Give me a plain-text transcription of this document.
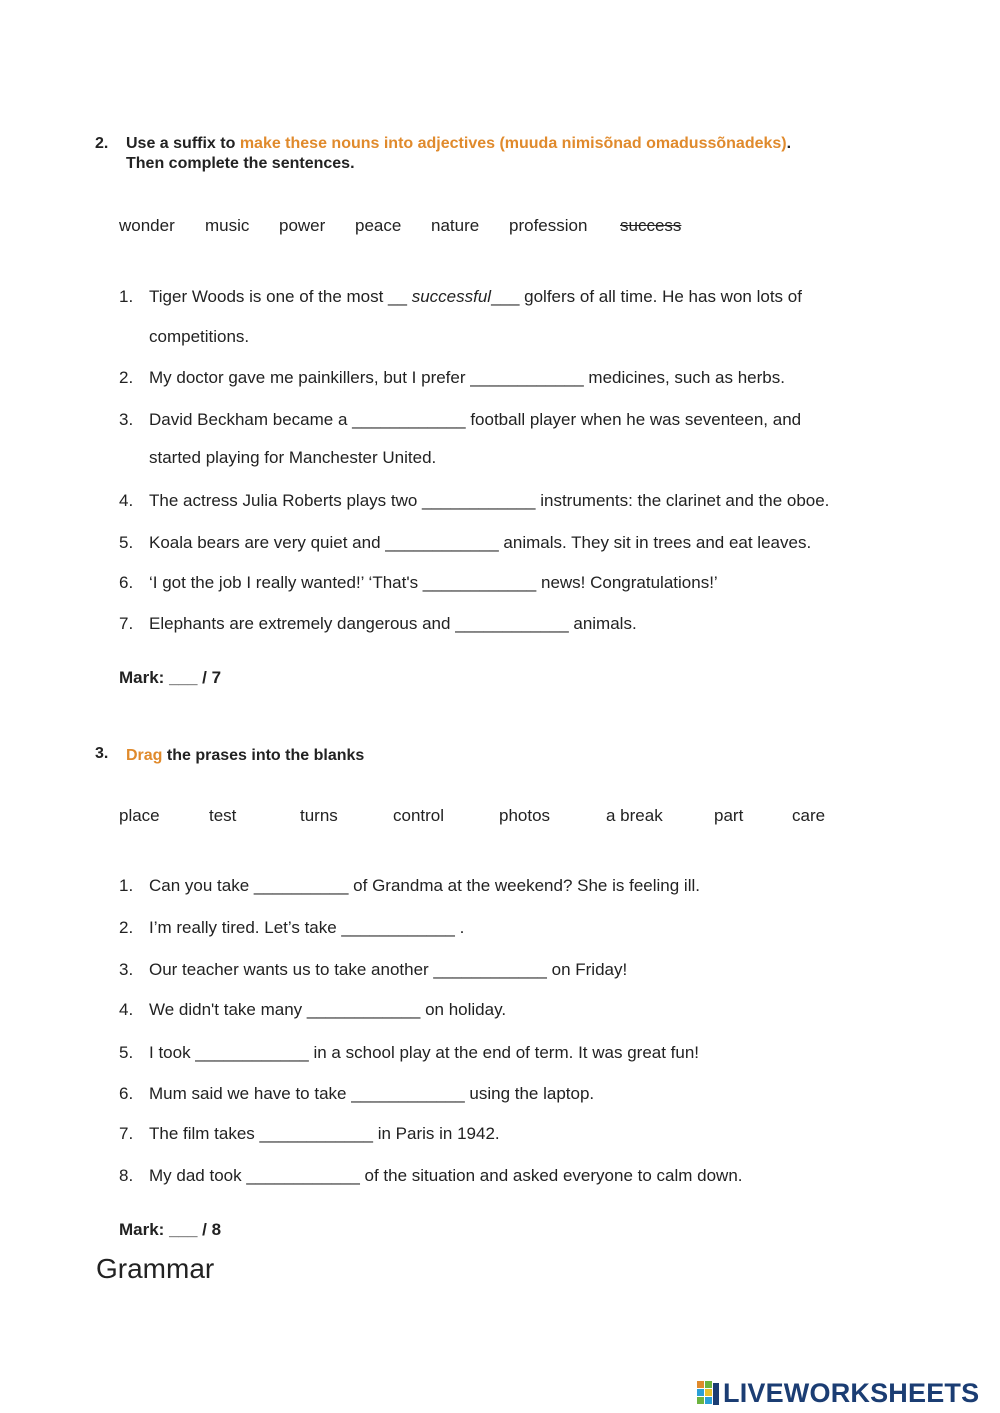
2. Use a suffix to make these nouns into adjectives (muuda nimisõnad omadussõnadeks).
Then complete the sentences.
wonder music power peace nature profession	success
1. Tiger Woods is one of the most __ successful___ golfers of all time. He has won lots of
competitions.
2. My doctor gave me painkillers, but I prefer ____________ medicines, such as herbs.
3. David Beckham became a ____________ football player when he was seventeen, and
started playing for Manchester United.
4. The actress Julia Roberts plays two ____________ instruments: the clarinet and the oboe.
5. Koala bears are very quiet and ____________ animals. They sit in trees and eat leaves.
6. ‘I got the job I really wanted!’ ‘That's ____________ news! Congratulations!’
7. Elephants are extremely dangerous and ____________ animals.
Mark: ___ / 7
3. Drag the prases into the blanks
place	test	turns	control	photos	a break	part	care
1. Can you take __________ of Grandma at the weekend? She is feeling ill.
2. I’m really tired. Let’s take ____________ .
3. Our teacher wants us to take another ____________ on Friday!
4. We didn't take many ____________ on holiday.
5. I took ____________ in a school play at the end of term. It was great fun!
6. Mum said we have to take ____________ using the laptop.
7. The film takes ____________ in Paris in 1942.
8. My dad took ____________ of the situation and asked everyone to calm down.
Mark: ___ / 8
Grammar
LIVEWORKSHEETS
